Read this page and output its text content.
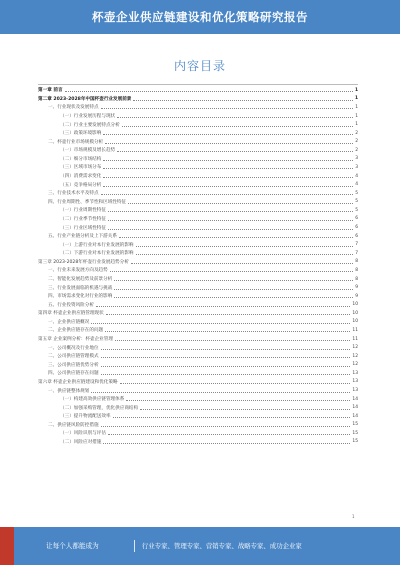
杯壶企业供应链建设和优化策略研究报告
内容目录
第一章 前言	1
第二章 2023-2028年中国杯壶行业发展前景	1
一、行业现状及发展特点	1
（一）行业发展历程与现状	1
（二）行业主要发展特点分析	1
（三）政策环境影响	2
二、杯壶行业市场规模分析	2
（一）市场规模及增长趋势	2
（二）细分市场结构	3
（三）区域市场分布	3
（四）消费需求变化	4
（五）竞争格局分析	4
三、行业技术水平及特点	5
四、行业周期性、季节性和区域性特征	5
（一）行业周期性特征	5
（二）行业季节性特征	6
（三）行业区域性特征	6
五、行业产业链分析及上下游关系	6
（一）上游行业对本行业发展的影响	7
（二）下游行业对本行业发展的影响	7
第三章 2023-2028年杯壶行业发展趋势分析	8
一、行业未来发展方向及趋势	8
二、智能化发展趋势及前景分析	8
三、行业发展面临的机遇与挑战	9
四、市场需求变化对行业的影响	9
五、行业投资风险分析	10
第四章 杯壶企业供应链管理现状	10
一、企业供应链概况	10
二、企业供应链存在的问题	11
第五章 企业案例分析：杯壶企业管理	11
一、公司概况及行业地位	12
二、公司供应链管理模式	12
三、公司供应链优势分析	12
四、公司供应链存在问题	13
第六章 杯壶企业供应链建设和优化策略	13
一、供应链整体规划	13
（一）构建高效供应链管理体系	14
（二）加强采购管理，优化供应商结构	14
（三）提升物流配送效率	14
二、供应链风险防控措施	15
（一）风险识别与评估	15
（二）风险应对措施	15
1
让每个人都能成为	行业专家、管理专家、营销专家、战略专家、成功企业家
